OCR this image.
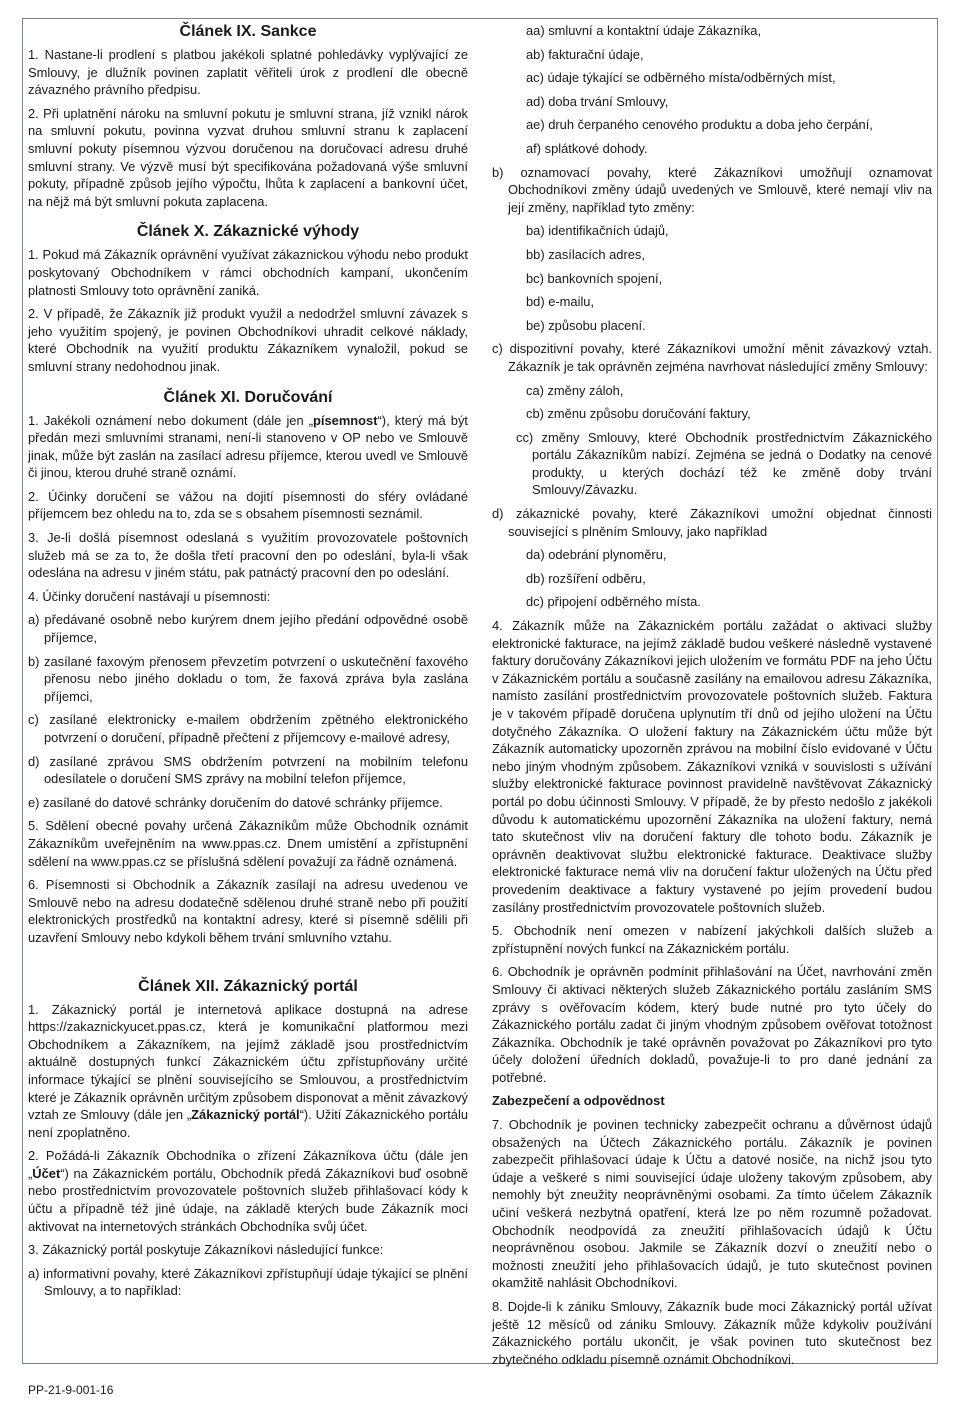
Článek IX. Sankce

1. Nastane-li prodlení s platbou jakékoli splatné pohledávky vyplývající ze Smlouvy, je dlužník povinen zaplatit věřiteli úrok z prodlení dle obecně závazného právního předpisu.

2. Při uplatnění nároku na smluvní pokutu je smluvní strana, jíž vznikl nárok na smluvní pokutu, povinna vyzvat druhou smluvní stranu k zaplacení smluvní pokuty písemnou výzvou doručenou na doručovací adresu druhé smluvní strany. Ve výzvě musí být specifikována požadovaná výše smluvní pokuty, případně způsob jejího výpočtu, lhůta k zaplacení a bankovní účet, na nějž má být smluvní pokuta zaplacena.

Článek X. Zákaznické výhody

1. Pokud má Zákazník oprávnění využívat zákaznickou výhodu nebo produkt poskytovaný Obchodníkem v rámci obchodních kampaní, ukončením platnosti Smlouvy toto oprávnění zaniká.

2. V případě, že Zákazník již produkt využil a nedodržel smluvní závazek s jeho využitím spojený, je povinen Obchodníkovi uhradit celkové náklady, které Obchodník na využití produktu Zákazníkem vynaložil, pokud se smluvní strany nedohodnou jinak.

Článek XI. Doručování

1. Jakékoli oznámení nebo dokument (dále jen „písemnost“), který má být předán mezi smluvními stranami, není-li stanoveno v OP nebo ve Smlouvě jinak, může být zaslán na zasílací adresu příjemce, kterou uvedl ve Smlouvě či jinou, kterou druhé straně oznámí.

2. Účinky doručení se vážou na dojití písemnosti do sféry ovládané příjemcem bez ohledu na to, zda se s obsahem písemnosti seznámil.

3. Je-li došlá písemnost odeslaná s využitím provozovatele poštovních služeb má se za to, že došla třetí pracovní den po odeslání, byla-li však odeslána na adresu v jiném státu, pak patnáctý pracovní den po odeslání.

4. Účinky doručení nastávají u písemnosti:

a) předávané osobně nebo kurýrem dnem jejího předání odpovědné osobě příjemce,

b) zasílané faxovým přenosem převzetím potvrzení o uskutečnění faxového přenosu nebo jiného dokladu o tom, že faxová zpráva byla zaslána příjemci,

c) zasílané elektronicky e-mailem obdržením zpětného elektronického potvrzení o doručení, případně přečtení z příjemcovy e-mailové adresy,

d) zasílané zprávou SMS obdržením potvrzení na mobilním telefonu odesílatele o doručení SMS zprávy na mobilní telefon příjemce,

e) zasílané do datové schránky doručením do datové schránky příjemce.

5. Sdělení obecné povahy určená Zákazníkům může Obchodník oznámit Zákazníkům uveřejněním na www.ppas.cz. Dnem umístění a zpřístupnění sdělení na www.ppas.cz se příslušná sdělení považují za řádně oznámená.

6. Písemnosti si Obchodník a Zákazník zasílají na adresu uvedenou ve Smlouvě nebo na adresu dodatečně sdělenou druhé straně nebo při použití elektronických prostředků na kontaktní adresy, které si písemně sdělili při uzavření Smlouvy nebo kdykoli během trvání smluvního vztahu.

Článek XII. Zákaznický portál

1. Zákaznický portál je internetová aplikace dostupná na adrese https://zakaznickyucet.ppas.cz, která je komunikační platformou mezi Obchodníkem a Zákazníkem, na jejímž základě jsou prostřednictvím aktuálně dostupných funkcí Zákaznickém účtu zpřístupňovány určité informace týkající se plnění souvisejícího se Smlouvou, a prostřednictvím které je Zákazník oprávněn určitým způsobem disponovat a měnit závazkový vztah ze Smlouvy (dále jen „Zákaznický portál“). Užití Zákaznického portálu není zpoplatněno.

2. Požádá-li Zákazník Obchodníka o zřízení Zákazníkova účtu (dále jen „Účet“) na Zákaznickém portálu, Obchodník předá Zákazníkovi buď osobně nebo prostřednictvím provozovatele poštovních služeb přihlašovací kódy k účtu a případně též jiné údaje, na základě kterých bude Zákazník moci aktivovat na internetových stránkách Obchodníka svůj účet.

3. Zákaznický portál poskytuje Zákazníkovi následující funkce:

a) informativní povahy, které Zákazníkovi zpřístupňují údaje týkající se plnění Smlouvy, a to například:

aa) smluvní a kontaktní údaje Zákazníka,

ab) fakturační údaje,

ac) údaje týkající se odběrného místa/odběrných míst,

ad) doba trvání Smlouvy,

ae) druh čerpaného cenového produktu a doba jeho čerpání,

af) splátkové dohody.

b) oznamovací povahy, které Zákazníkovi umožňují oznamovat Obchodníkovi změny údajů uvedených ve Smlouvě, které nemají vliv na její změny, například tyto změny:

ba) identifikačních údajů,

bb) zasílacích adres,

bc) bankovních spojení,

bd) e-mailu,

be) způsobu placení.

c) dispozitivní povahy, které Zákazníkovi umožní měnit závazkový vztah. Zákazník je tak oprávněn zejména navrhovat následující změny Smlouvy:

ca) změny záloh,

cb) změnu způsobu doručování faktury,

cc) změny Smlouvy, které Obchodník prostřednictvím Zákaznického portálu Zákazníkům nabízí. Zejména se jedná o Dodatky na cenové produkty, u kterých dochází též ke změně doby trvání Smlouvy/Závazku.

d) zákaznické povahy, které Zákazníkovi umožní objednat činnosti související s plněním Smlouvy, jako například

da) odebrání plynoměru,

db) rozšíření odběru,

dc) připojení odběrného místa.

4. Zákazník může na Zákaznickém portálu zažádat o aktivaci služby elektronické fakturace, na jejímž základě budou veškeré následně vystavené faktury doručovány Zákazníkovi jejich uložením ve formátu PDF na jeho Účtu v Zákaznickém portálu a současně zasílány na emailovou adresu Zákazníka, namísto zasílání prostřednictvím provozovatele poštovních služeb. Faktura je v takovém případě doručena uplynutím tří dnů od jejího uložení na Účtu dotyčného Zákazníka. O uložení faktury na Zákaznickém účtu může být Zákazník automaticky upozorněn zprávou na mobilní číslo evidované v Účtu nebo jiným vhodným způsobem. Zákazníkovi vzniká v souvislosti s užívání služby elektronické fakturace povinnost pravidelně navštěvovat Zákaznický portál po dobu účinnosti Smlouvy. V případě, že by přesto nedošlo z jakékoli důvodu k automatickému upozornění Zákazníka na uložení faktury, nemá tato skutečnost vliv na doručení faktury dle tohoto bodu. Zákazník je oprávněn deaktivovat službu elektronické fakturace. Deaktivace služby elektronické fakturace nemá vliv na doručení faktur uložených na Účtu před provedením deaktivace a faktury vystavené po jejím provedení budou zasílány prostřednictvím provozovatele poštovních služeb.

5. Obchodník není omezen v nabízení jakýchkoli dalších služeb a zpřístupnění nových funkcí na Zákaznickém portálu.

6. Obchodník je oprávněn podmínit přihlašování na Účet, navrhování změn Smlouvy či aktivaci některých služeb Zákaznického portálu zasláním SMS zprávy s ověřovacím kódem, který bude nutné pro tyto účely do Zákaznického portálu zadat či jiným vhodným způsobem ověřovat totožnost Zákazníka. Obchodník je také oprávněn považovat po Zákazníkovi pro tyto účely doložení úředních dokladů, považuje-li to pro dané jednání za potřebné.

Zabezpečení a odpovědnost

7. Obchodník je povinen technicky zabezpečit ochranu a důvěrnost údajů obsažených na Účtech Zákaznického portálu. Zákazník je povinen zabezpečit přihlašovací údaje k Účtu a datové nosiče, na nichž jsou tyto údaje a veškeré s nimi související údaje uloženy takovým způsobem, aby nemohly být zneužity neoprávněnými osobami. Za tímto účelem Zákazník učiní veškerá nezbytná opatření, která lze po něm rozumně požadovat. Obchodník neodpovídá za zneužití přihlašovacích údajů k Účtu neoprávněnou osobou. Jakmile se Zákazník dozví o zneužití nebo o možnosti zneužití jeho přihlašovacích údajů, je tuto skutečnost povinen okamžitě nahlásit Obchodníkovi.

8. Dojde-li k zániku Smlouvy, Zákazník bude moci Zákaznický portál užívat ještě 12 měsíců od zániku Smlouvy. Zákazník může kdykoliv používání Zákaznického portálu ukončit, je však povinen tuto skutečnost bez zbytečného odkladu písemně oznámit Obchodníkovi.

PP-21-9-001-16
